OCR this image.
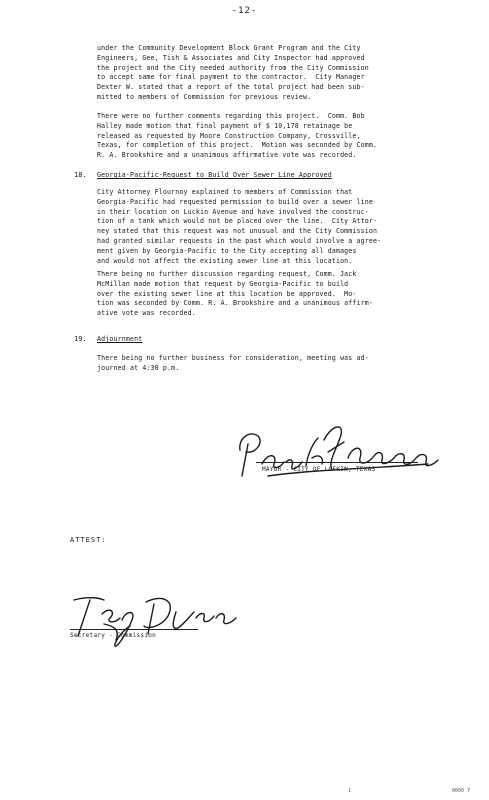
-12-
under the Community Development Block Grant Program and the City
Engineers, Gee, Tish & Associates and City Inspector had approved
the project and the City needed authority from the City Commission
to accept same for final payment to the contractor.  City Manager
Dexter W. stated that a report of the total project had been sub-
mitted to members of Commission for previous review.
There were no further comments regarding this project.  Comm. Bob
Halley made motion that final payment of $ 10,178 retainage be
released as requested by Moore Construction Company, Crossville,
Texas, for completion of this project.  Motion was seconded by Comm.
R. A. Brookshire and a unanimous affirmative vote was recorded.
18. Georgia-Pacific-Request to Build Over Sewer Line Approved
City Attorney Flournoy explained to members of Commission that
Georgia-Pacific had requested permission to build over a sewer line
in their location on Luckin Avenue and have involved the construc-
tion of a tank which would not be placed over the line.  City Attor-
ney stated that this request was not unusual and the City Commission
had granted similar requests in the past which would involve a agree-
ment given by Georgia-Pacific to the City accepting all damages
and would not affect the existing sewer line at this location.
There being no further discussion regarding request, Comm. Jack
McMillan made motion that request by Georgia-Pacific to build
over the existing sewer line at this location be approved.  Mo-
tion was seconded by Comm. R. A. Brookshire and a unanimous affirm-
ative vote was recorded.
19. Adjournment
There being no further business for consideration, meeting was ad-
journed at 4:30 p.m.
MAYOR - CITY OF LUFKIN, TEXAS
ATTEST:
Secretary - Commission
1	0000 7
